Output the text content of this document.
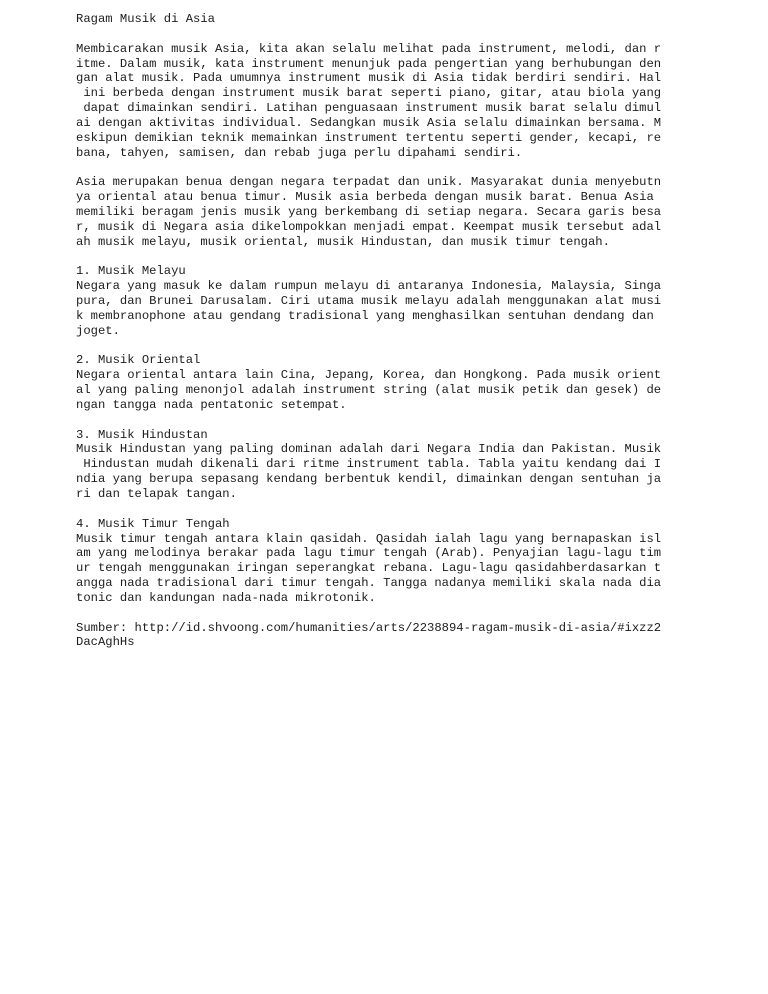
Ragam Musik di Asia
Membicarakan musik Asia, kita akan selalu melihat pada instrument, melodi, dan r
itme. Dalam musik, kata instrument menunjuk pada pengertian yang berhubungan den
gan alat musik. Pada umumnya instrument musik di Asia tidak berdiri sendiri. Hal
ini berbeda dengan instrument musik barat seperti piano, gitar, atau biola yang
dapat dimainkan sendiri. Latihan penguasaan instrument musik barat selalu dimul
ai dengan aktivitas individual. Sedangkan musik Asia selalu dimainkan bersama. M
eskipun demikian teknik memainkan instrument tertentu seperti gender, kecapi, re
bana, tahyen, samisen, dan rebab juga perlu dipahami sendiri.
Asia merupakan benua dengan negara terpadat dan unik. Masyarakat dunia menyebutn
ya oriental atau benua timur. Musik asia berbeda dengan musik barat. Benua Asia
memiliki beragam jenis musik yang berkembang di setiap negara. Secara garis besa
r, musik di Negara asia dikelompokkan menjadi empat. Keempat musik tersebut adal
ah musik melayu, musik oriental, musik Hindustan, dan musik timur tengah.
1. Musik Melayu
Negara yang masuk ke dalam rumpun melayu di antaranya Indonesia, Malaysia, Singa
pura, dan Brunei Darusalam. Ciri utama musik melayu adalah menggunakan alat musi
k membranophone atau gendang tradisional yang menghasilkan sentuhan dendang dan
joget.
2. Musik Oriental
Negara oriental antara lain Cina, Jepang, Korea, dan Hongkong. Pada musik orient
al yang paling menonjol adalah instrument string (alat musik petik dan gesek) de
ngan tangga nada pentatonic setempat.
3. Musik Hindustan
Musik Hindustan yang paling dominan adalah dari Negara India dan Pakistan. Musik
Hindustan mudah dikenali dari ritme instrument tabla. Tabla yaitu kendang dai I
ndia yang berupa sepasang kendang berbentuk kendil, dimainkan dengan sentuhan ja
ri dan telapak tangan.
4. Musik Timur Tengah
Musik timur tengah antara klain qasidah. Qasidah ialah lagu yang bernapaskan isl
am yang melodinya berakar pada lagu timur tengah (Arab). Penyajian lagu-lagu tim
ur tengah menggunakan iringan seperangkat rebana. Lagu-lagu qasidahberdasarkan t
angga nada tradisional dari timur tengah. Tangga nadanya memiliki skala nada dia
tonic dan kandungan nada-nada mikrotonik.
Sumber: http://id.shvoong.com/humanities/arts/2238894-ragam-musik-di-asia/#ixzz2
DacAghHs
